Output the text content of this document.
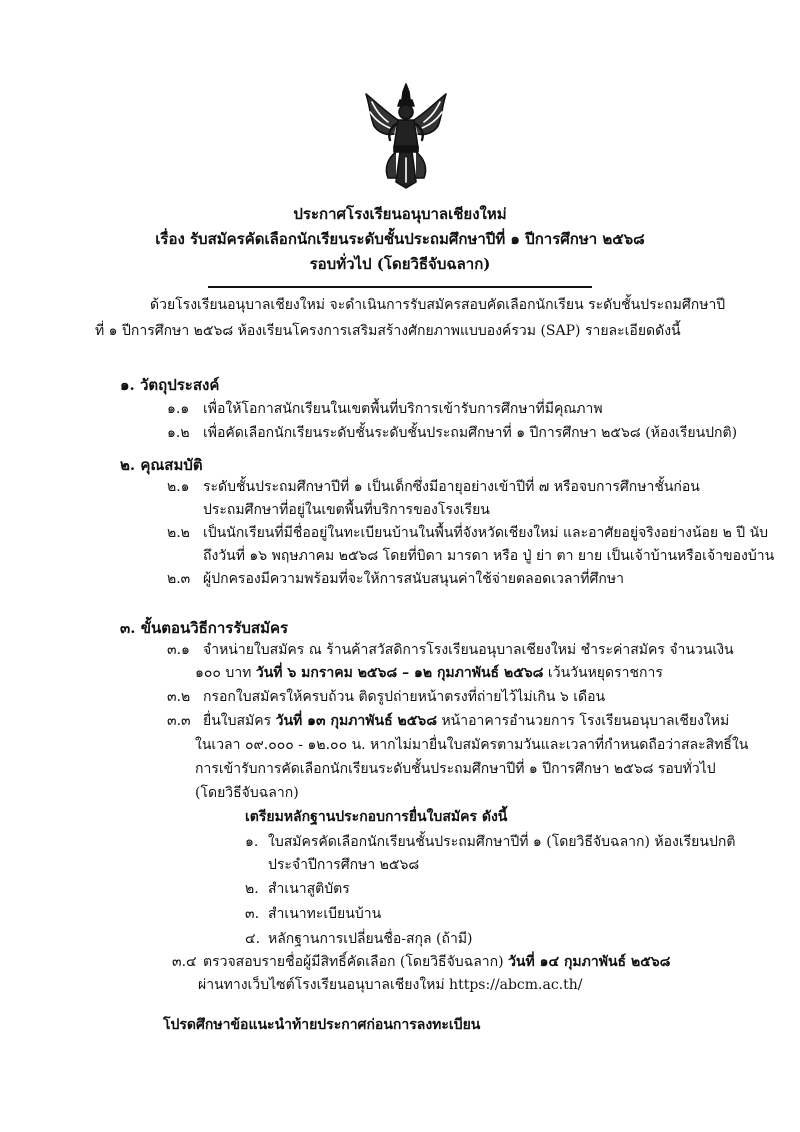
ประกาศโรงเรียนอนุบาลเชียงใหม่
เรื่อง รับสมัครคัดเลือกนักเรียนระดับชั้นประถมศึกษาปีที่ ๑ ปีการศึกษา ๒๕๖๘
รอบทั่วไป (โดยวิธีจับฉลาก)
ด้วยโรงเรียนอนุบาลเชียงใหม่ จะดำเนินการรับสมัครสอบคัดเลือกนักเรียน ระดับชั้นประถมศึกษาปี
ที่ ๑ ปีการศึกษา ๒๕๖๘ ห้องเรียนโครงการเสริมสร้างศักยภาพแบบองค์รวม (SAP) รายละเอียดดังนี้
๑. วัตถุประสงค์
๑.๑ เพื่อให้โอกาสนักเรียนในเขตพื้นที่บริการเข้ารับการศึกษาที่มีคุณภาพ
๑.๒ เพื่อคัดเลือกนักเรียนระดับชั้นระดับชั้นประถมศึกษาที่ ๑ ปีการศึกษา ๒๕๖๘ (ห้องเรียนปกติ)
๒. คุณสมบัติ
๒.๑ ระดับชั้นประถมศึกษาปีที่ ๑ เป็นเด็กซึ่งมีอายุอย่างเข้าปีที่ ๗ หรือจบการศึกษาชั้นก่อน
ประถมศึกษาที่อยู่ในเขตพื้นที่บริการของโรงเรียน
๒.๒ เป็นนักเรียนที่มีชื่ออยู่ในทะเบียนบ้านในพื้นที่จังหวัดเชียงใหม่ และอาศัยอยู่จริงอย่างน้อย ๒ ปี นับ
ถึงวันที่ ๑๖ พฤษภาคม ๒๕๖๘ โดยที่บิดา มารดา หรือ ปู่ ย่า ตา ยาย เป็นเจ้าบ้านหรือเจ้าของบ้าน
๒.๓ ผู้ปกครองมีความพร้อมที่จะให้การสนับสนุนค่าใช้จ่ายตลอดเวลาที่ศึกษา
๓. ขั้นตอนวิธีการรับสมัคร
๓.๑ จำหน่ายใบสมัคร ณ ร้านค้าสวัสดิการโรงเรียนอนุบาลเชียงใหม่ ชำระค่าสมัคร จำนวนเงิน
๑๐๐ บาท วันที่ ๖ มกราคม ๒๕๖๘ – ๑๒ กุมภาพันธ์ ๒๕๖๘ เว้นวันหยุดราชการ
๓.๒ กรอกใบสมัครให้ครบถ้วน ติดรูปถ่ายหน้าตรงที่ถ่ายไว้ไม่เกิน ๖ เดือน
๓.๓ ยื่นใบสมัคร วันที่ ๑๓ กุมภาพันธ์ ๒๕๖๘ หน้าอาคารอำนวยการ โรงเรียนอนุบาลเชียงใหม่
ในเวลา ๐๙.๐๐๐ - ๑๒.๐๐ น. หากไม่มายื่นใบสมัครตามวันและเวลาที่กำหนดถือว่าสละสิทธิ์ใน
การเข้ารับการคัดเลือกนักเรียนระดับชั้นประถมศึกษาปีที่ ๑ ปีการศึกษา ๒๕๖๘ รอบทั่วไป
(โดยวิธีจับฉลาก)
เตรียมหลักฐานประกอบการยื่นใบสมัคร ดังนี้
๑. ใบสมัครคัดเลือกนักเรียนชั้นประถมศึกษาปีที่ ๑ (โดยวิธีจับฉลาก) ห้องเรียนปกติ
ประจำปีการศึกษา ๒๕๖๘
๒. สำเนาสูติบัตร
๓. สำเนาทะเบียนบ้าน
๔. หลักฐานการเปลี่ยนชื่อ-สกุล (ถ้ามี)
๓.๔ ตรวจสอบรายชื่อผู้มีสิทธิ์คัดเลือก (โดยวิธีจับฉลาก) วันที่ ๑๔ กุมภาพันธ์ ๒๕๖๘
ผ่านทางเว็บไซต์โรงเรียนอนุบาลเชียงใหม่ https://abcm.ac.th/
โปรดศึกษาข้อแนะนำท้ายประกาศก่อนการลงทะเบียน
